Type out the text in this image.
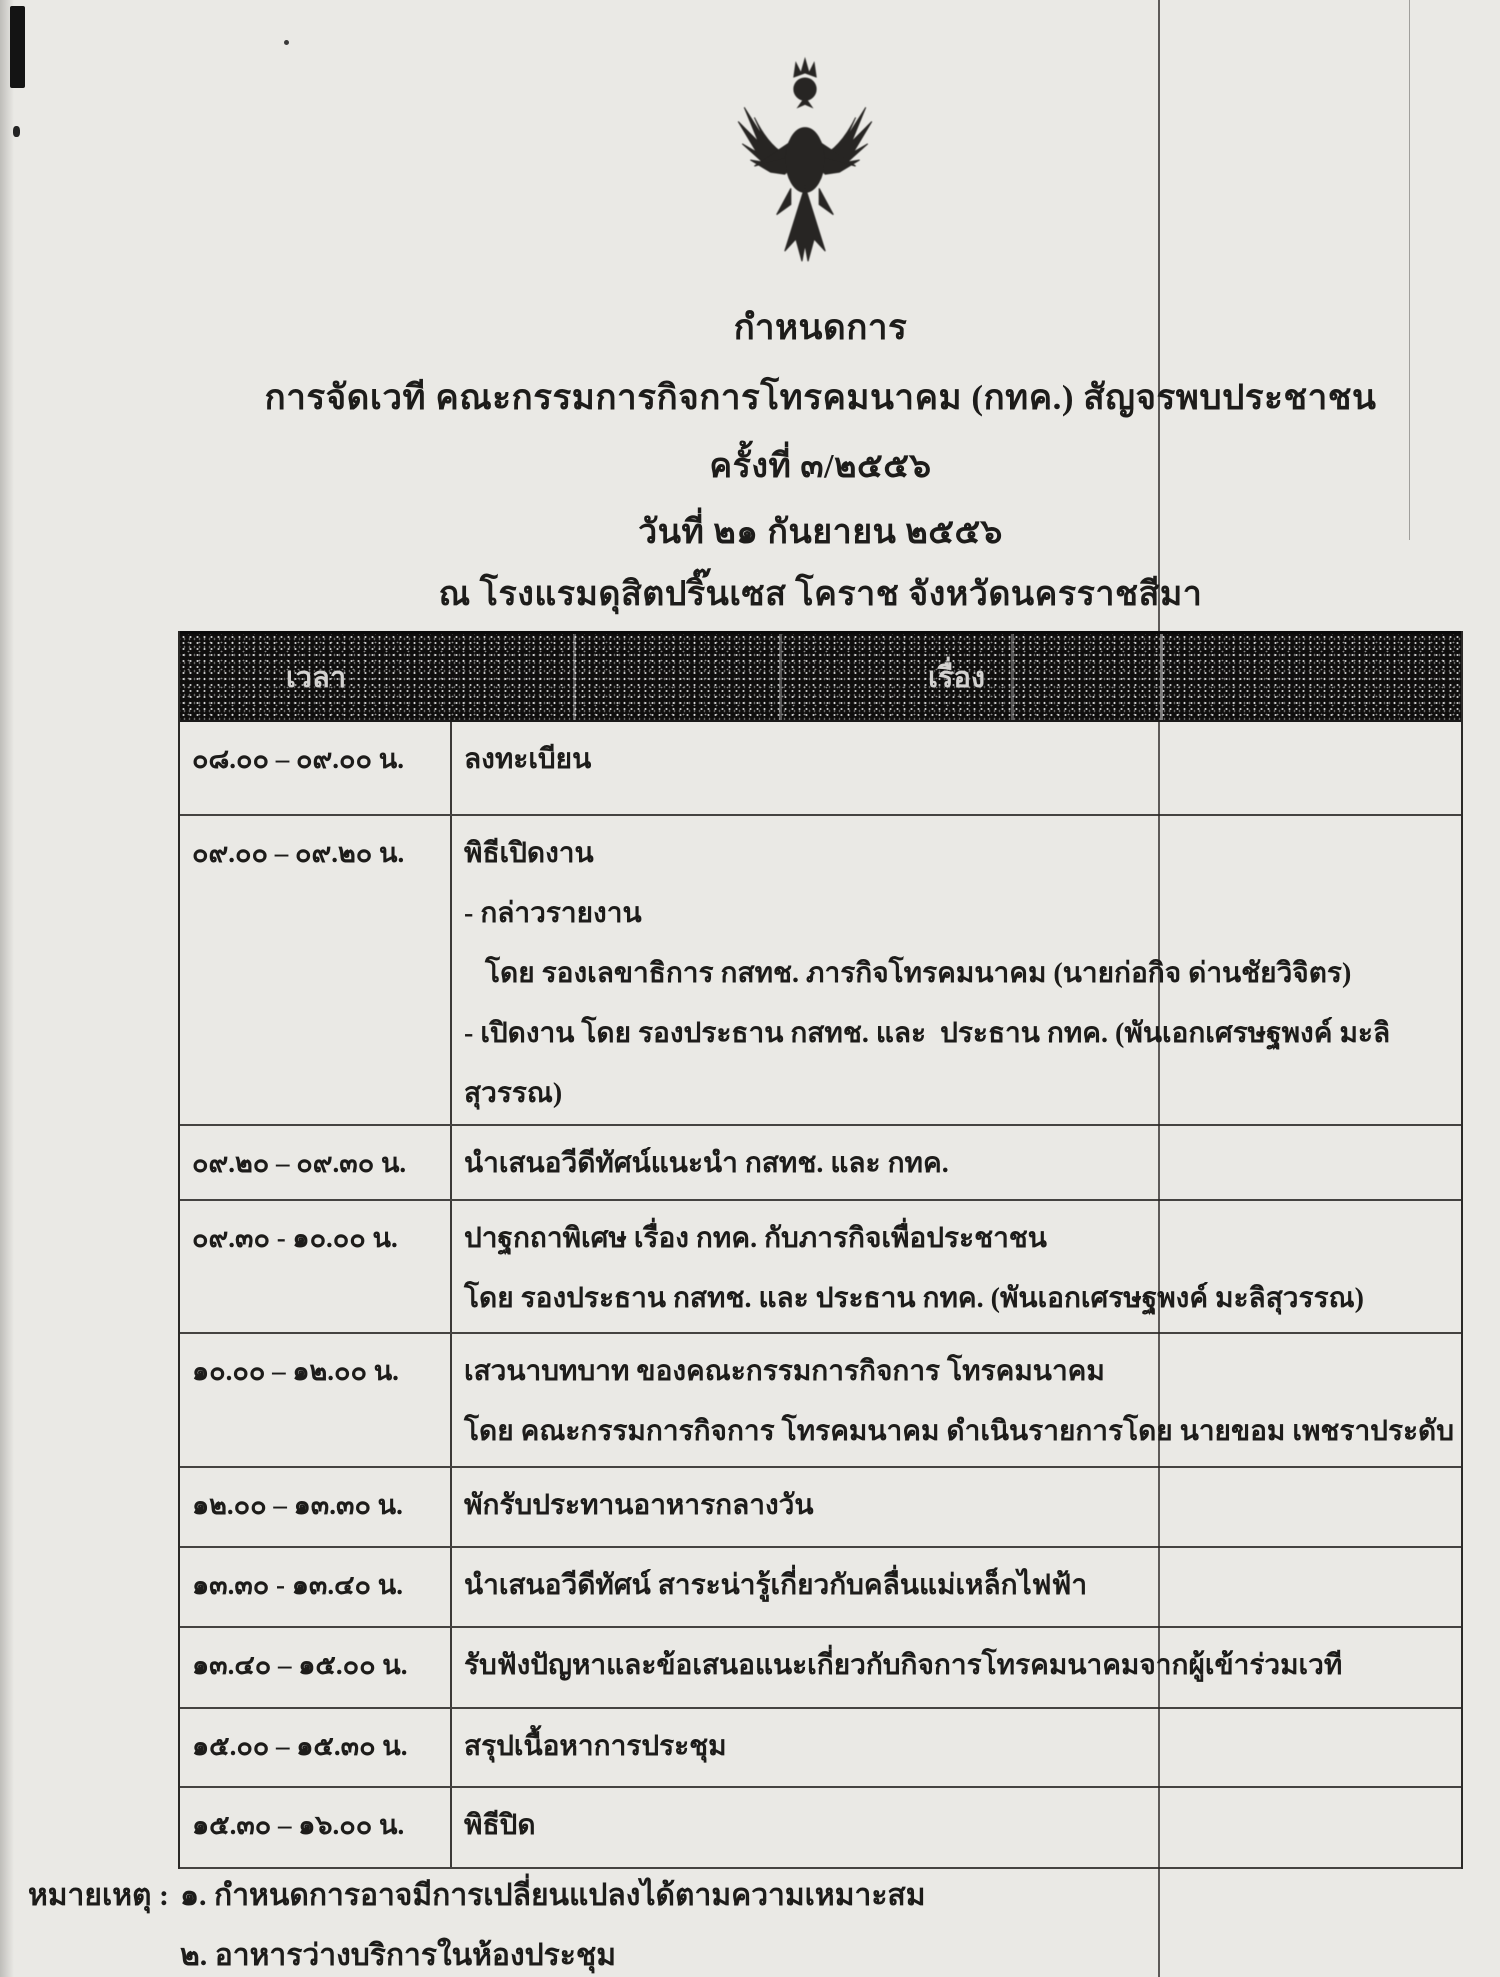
กำหนดการ
การจัดเวที คณะกรรมการกิจการโทรคมนาคม (กทค.) สัญจรพบประชาชน
ครั้งที่ ๓/๒๕๕๖
วันที่ ๒๑ กันยายน ๒๕๕๖
ณ โรงแรมดุสิตปริ๊นเซส โคราช จังหวัดนครราชสีมา
เวลา	เรื่อง
๐๘.๐๐ – ๐๙.๐๐ น.	ลงทะเบียน
๐๙.๐๐ – ๐๙.๒๐ น.	พิธีเปิดงาน
- กล่าวรายงาน
โดย รองเลขาธิการ กสทช. ภารกิจโทรคมนาคม (นายก่อกิจ ด่านชัยวิจิตร)
- เปิดงาน โดย รองประธาน กสทช. และ  ประธาน กทค. (พันเอกเศรษฐพงค์ มะลิสุวรรณ)
๐๙.๒๐ – ๐๙.๓๐ น.	นำเสนอวีดีทัศน์แนะนำ กสทช. และ กทค.
๐๙.๓๐ - ๑๐.๐๐ น.	ปาฐกถาพิเศษ เรื่อง กทค. กับภารกิจเพื่อประชาชน
โดย รองประธาน กสทช. และ ประธาน กทค. (พันเอกเศรษฐพงค์ มะลิสุวรรณ)
๑๐.๐๐ – ๑๒.๐๐ น.	เสวนาบทบาท ของคณะกรรมการกิจการ โทรคมนาคม
โดย คณะกรรมการกิจการ โทรคมนาคม ดำเนินรายการโดย นายขอม เพชราประดับ
๑๒.๐๐ – ๑๓.๓๐ น.	พักรับประทานอาหารกลางวัน
๑๓.๓๐ - ๑๓.๔๐ น.	นำเสนอวีดีทัศน์ สาระน่ารู้เกี่ยวกับคลื่นแม่เหล็กไฟฟ้า
๑๓.๔๐ – ๑๕.๐๐ น.	รับฟังปัญหาและข้อเสนอแนะเกี่ยวกับกิจการโทรคมนาคมจากผู้เข้าร่วมเวที
๑๕.๐๐ – ๑๕.๓๐ น.	สรุปเนื้อหาการประชุม
๑๕.๓๐ – ๑๖.๐๐ น.	พิธีปิด
หมายเหตุ : ๑. กำหนดการอาจมีการเปลี่ยนแปลงได้ตามความเหมาะสม
๒. อาหารว่างบริการในห้องประชุม
